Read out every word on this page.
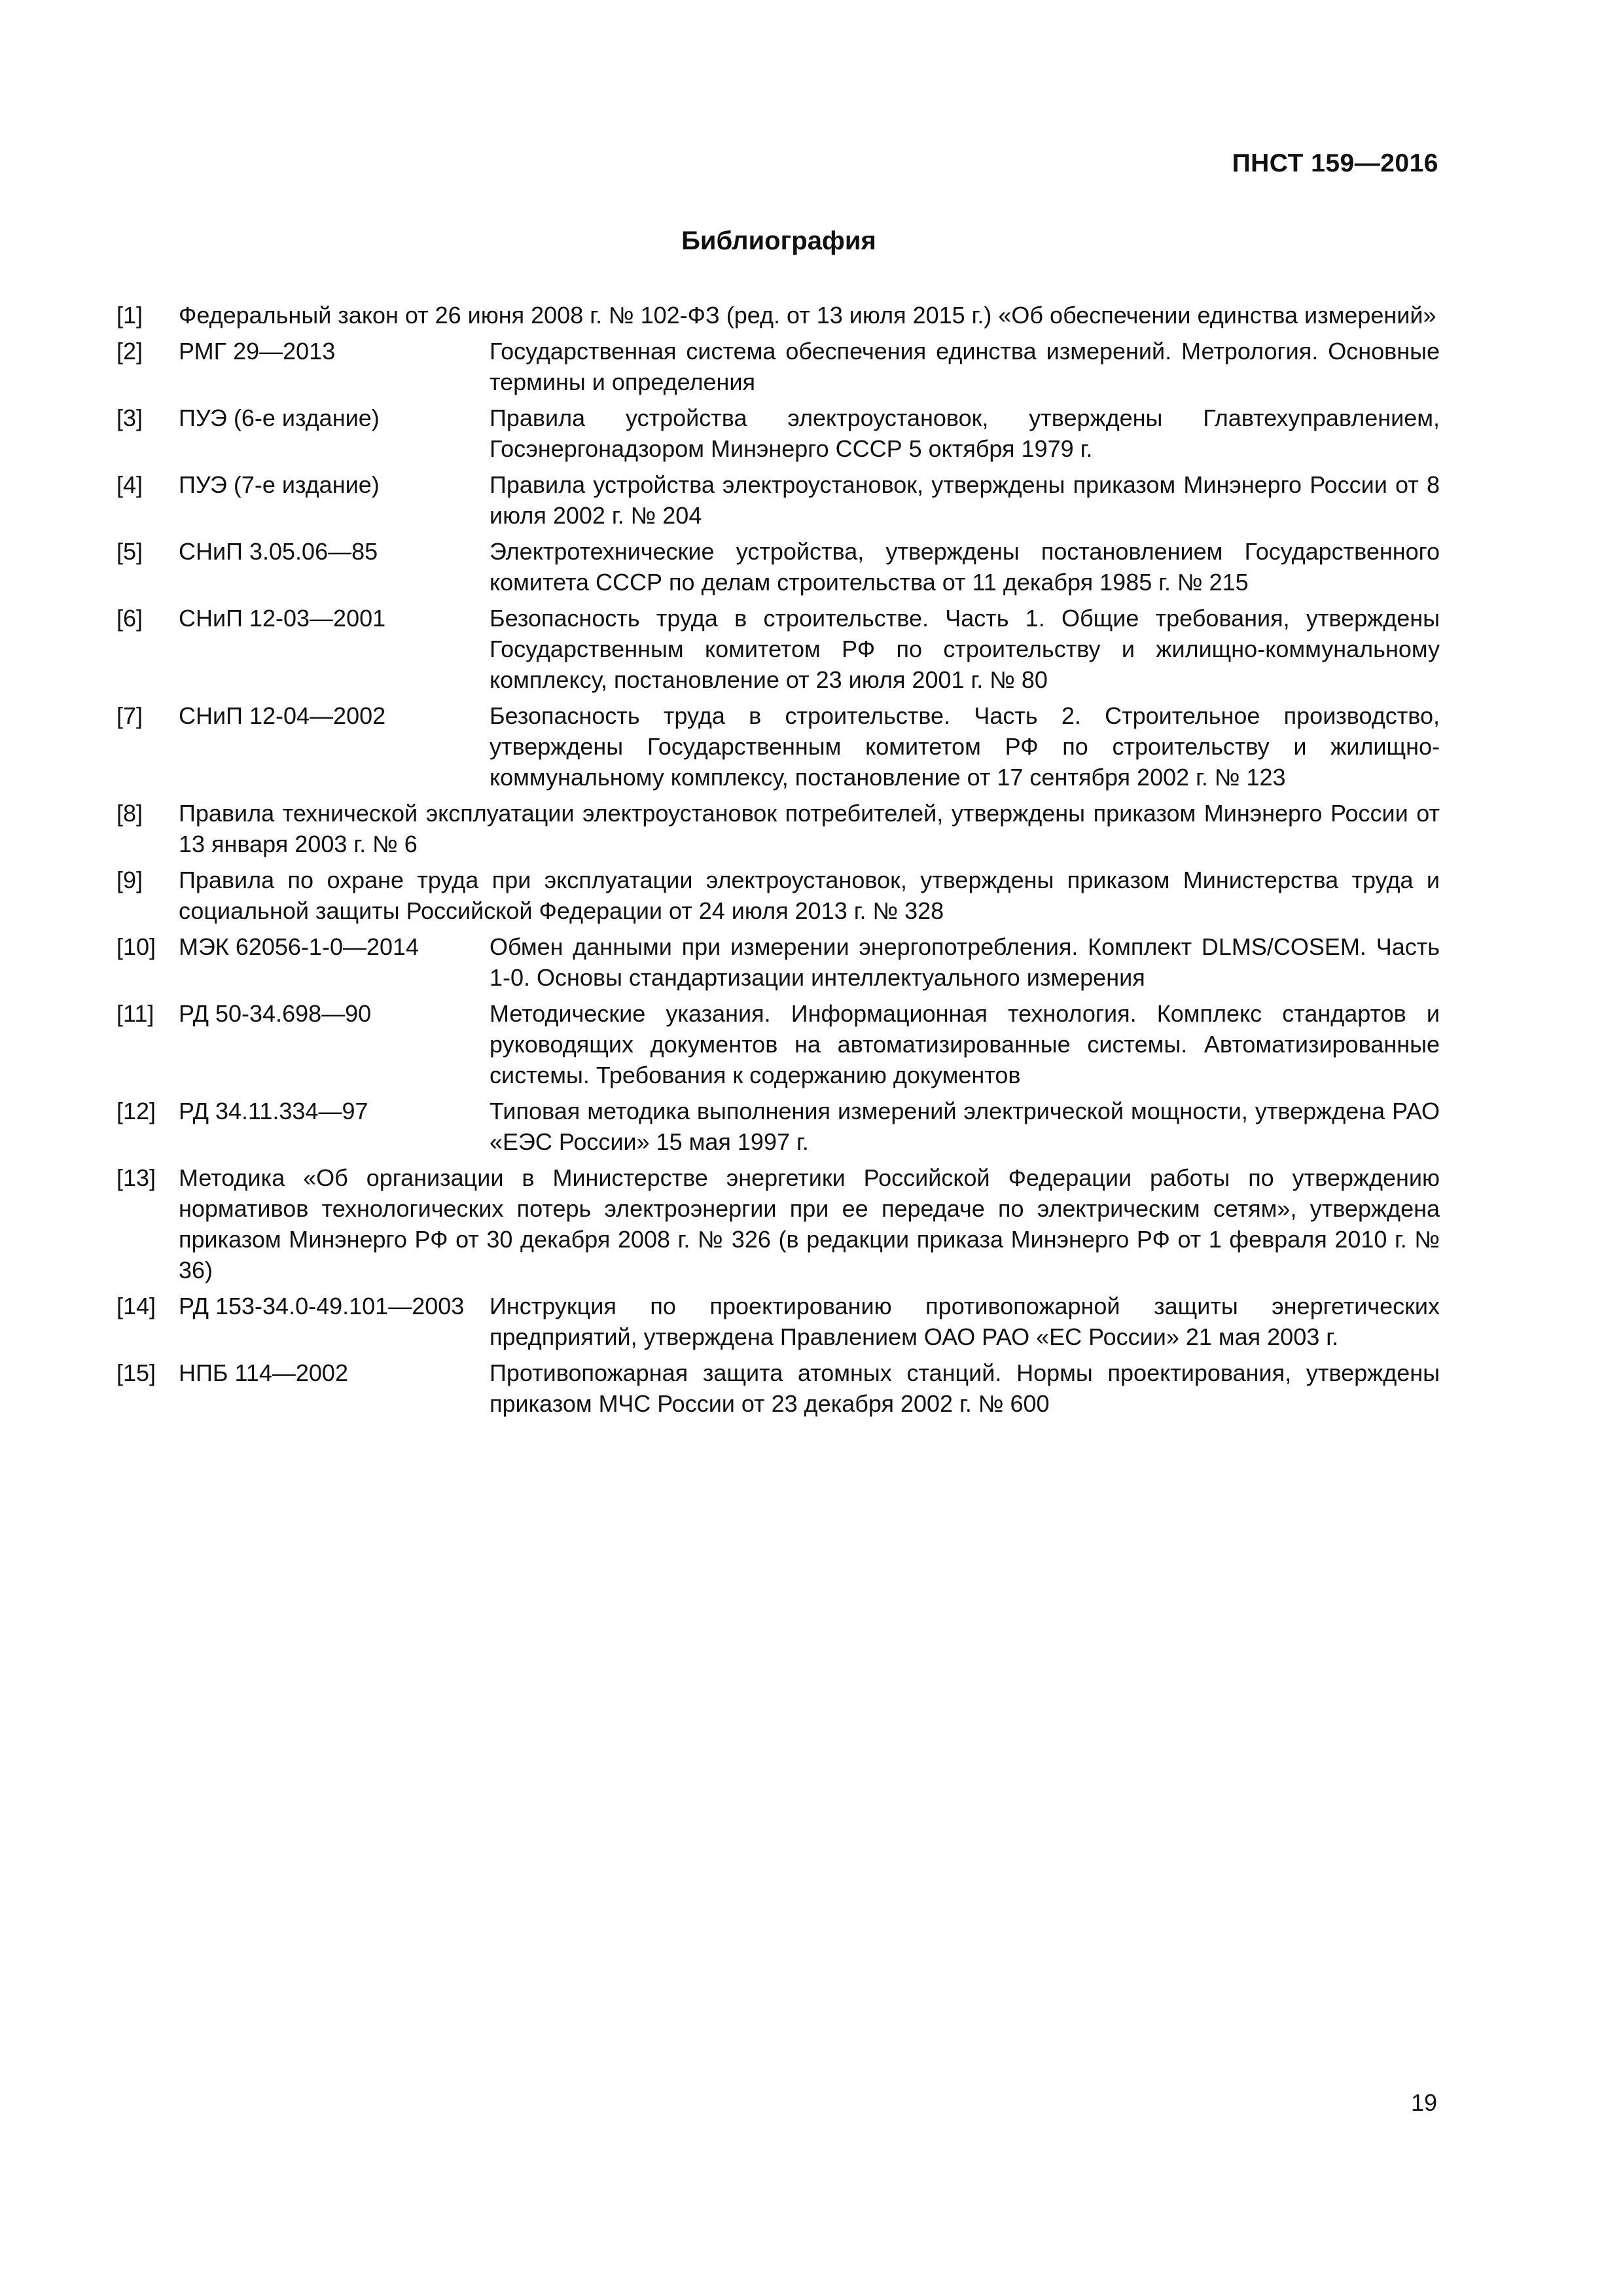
ПНСТ 159—2016
Библиография
[1]	Федеральный закон от 26 июня 2008 г. № 102-ФЗ (ред. от 13 июля 2015 г.) «Об обеспечении единства измерений»
[2]	РМГ 29—2013	Государственная система обеспечения единства измерений. Метрология. Основные термины и определения
[3]	ПУЭ (6-е издание)	Правила устройства электроустановок, утверждены Главтехуправлением, Госэнергонадзором Минэнерго СССР 5 октября 1979 г.
[4]	ПУЭ (7-е издание)	Правила устройства электроустановок, утверждены приказом Минэнерго России от 8 июля 2002 г. № 204
[5]	СНиП 3.05.06—85	Электротехнические устройства, утверждены постановлением Государственного комитета СССР по делам строительства от 11 декабря 1985 г. № 215
[6]	СНиП 12-03—2001	Безопасность труда в строительстве. Часть 1. Общие требования, утверждены Государственным комитетом РФ по строительству и жилищно-коммунальному комплексу, постановление от 23 июля 2001 г. № 80
[7]	СНиП 12-04—2002	Безопасность труда в строительстве. Часть 2. Строительное производство, утверждены Государственным комитетом РФ по строительству и жилищно-коммунальному комплексу, постановление от 17 сентября 2002 г. № 123
[8]	Правила технической эксплуатации электроустановок потребителей, утверждены приказом Минэнерго России от 13 января 2003 г. № 6
[9]	Правила по охране труда при эксплуатации электроустановок, утверждены приказом Министерства труда и социальной защиты Российской Федерации от 24 июля 2013 г. № 328
[10] МЭК 62056-1-0—2014	Обмен данными при измерении энергопотребления. Комплект DLMS/COSEM. Часть 1-0. Основы стандартизации интеллектуального измерения
[11]	РД 50-34.698—90	Методические указания. Информационная технология. Комплекс стандартов и руководящих документов на автоматизированные системы. Автоматизированные системы. Требования к содержанию документов
[12] РД 34.11.334—97	Типовая методика выполнения измерений электрической мощности, утверждена РАО «ЕЭС России» 15 мая 1997 г.
[13] Методика «Об организации в Министерстве энергетики Российской Федерации работы по утверждению нормативов технологических потерь электроэнергии при ее передаче по электрическим сетям», утверждена приказом Минэнерго РФ от 30 декабря 2008 г. № 326 (в редакции приказа Минэнерго РФ от 1 февраля 2010 г. № 36)
[14] РД 153-34.0-49.101—2003	Инструкция по проектированию противопожарной защиты энергетических предприятий, утверждена Правлением ОАО РАО «ЕС России» 21 мая 2003 г.
[15] НПБ 114—2002	Противопожарная защита атомных станций. Нормы проектирования, утверждены приказом МЧС России от 23 декабря 2002 г. № 600
19
